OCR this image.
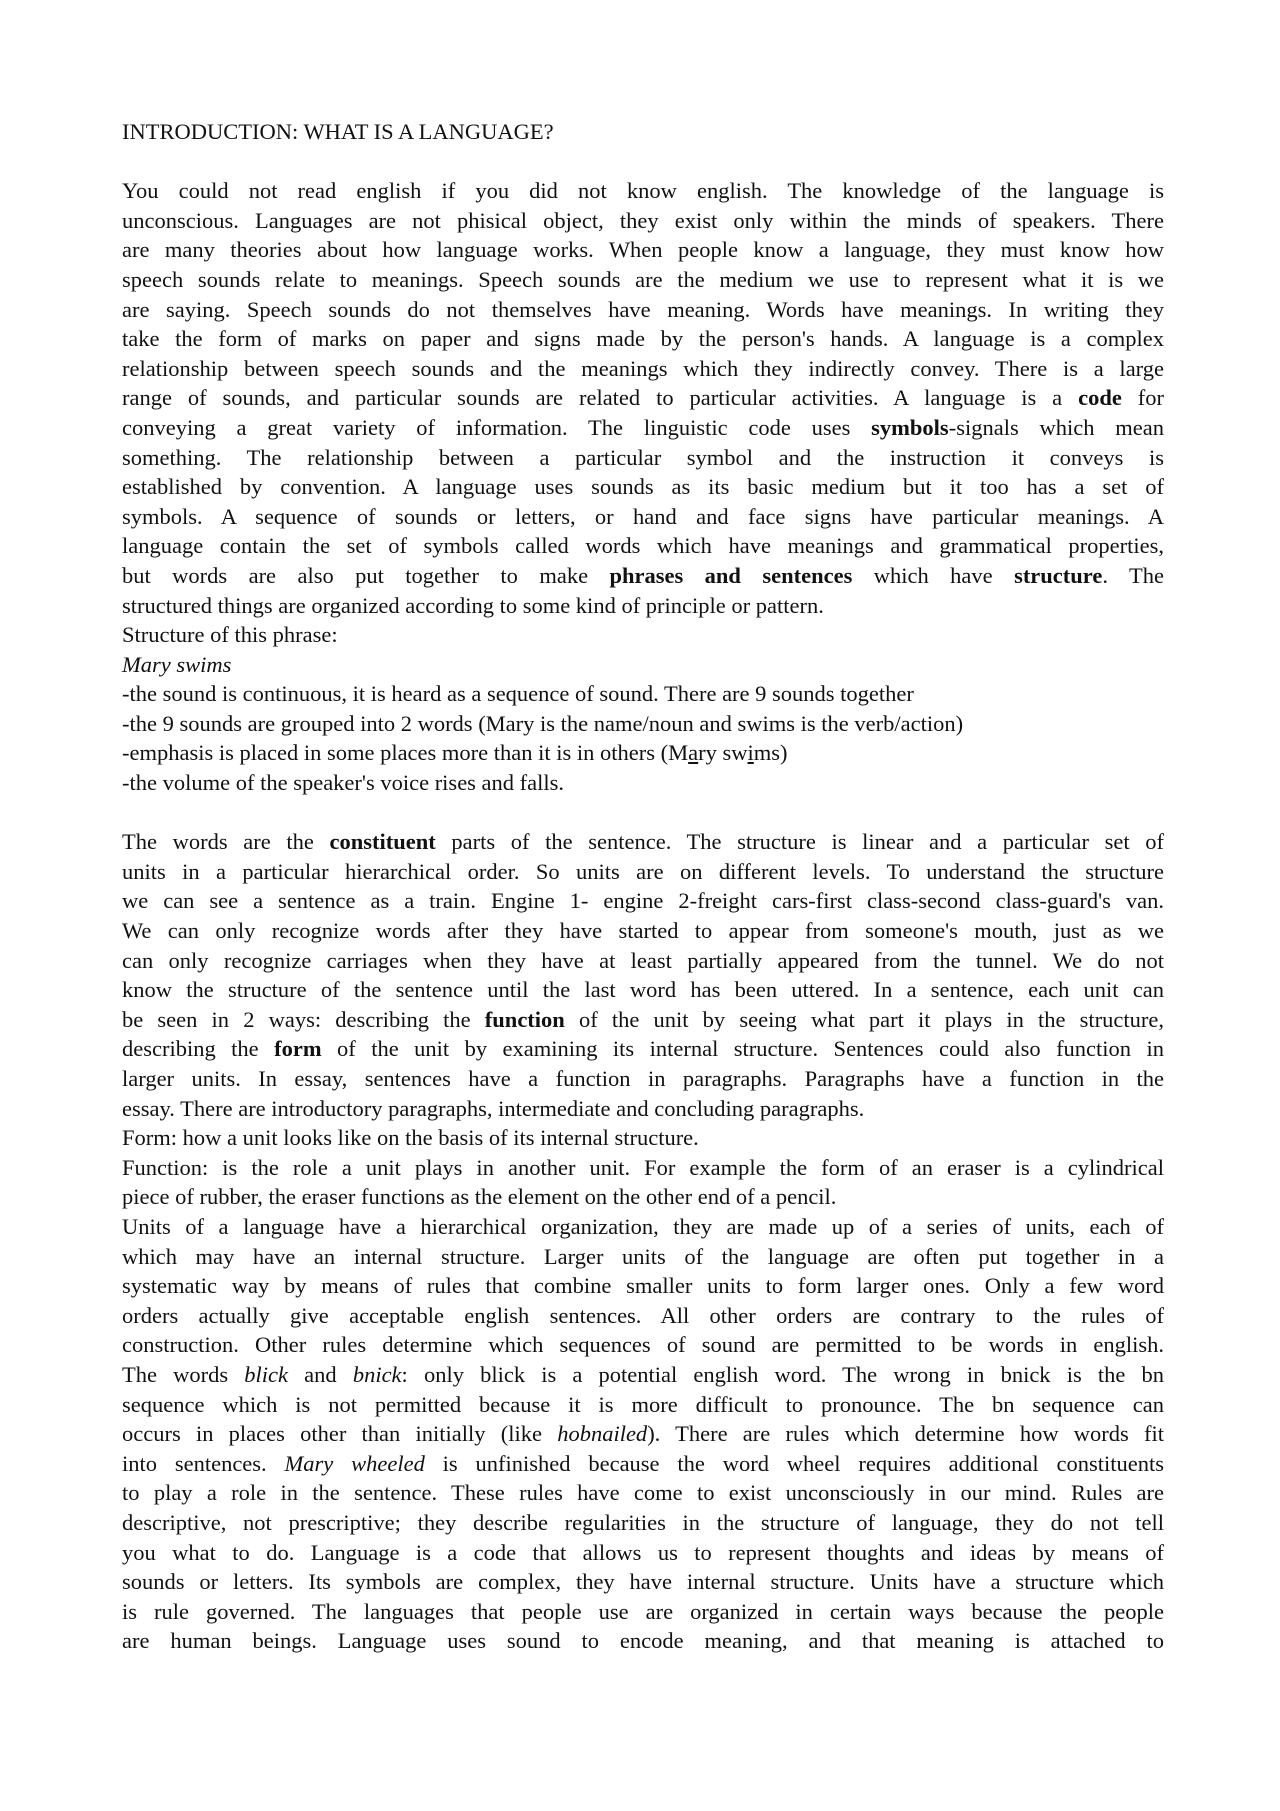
INTRODUCTION: WHAT IS A LANGUAGE?
You could not read english if you did not know english. The knowledge of the language is
unconscious. Languages are not phisical object, they exist only within the minds of speakers. There
are many theories about how language works. When people know a language, they must know how
speech sounds relate to meanings. Speech sounds are the medium we use to represent what it is we
are saying. Speech sounds do not themselves have meaning. Words have meanings. In writing they
take the form of marks on paper and signs made by the person's hands. A language is a complex
relationship between speech sounds and the meanings which they indirectly convey. There is a large
range of sounds, and particular sounds are related to particular activities. A language is a code for
conveying a great variety of information. The linguistic code uses symbols-signals which mean
something. The relationship between a particular symbol and the instruction it conveys is
established by convention. A language uses sounds as its basic medium but it too has a set of
symbols. A sequence of sounds or letters, or hand and face signs have particular meanings. A
language contain the set of symbols called words which have meanings and grammatical properties,
but words are also put together to make phrases and sentences which have structure. The
structured things are organized according to some kind of principle or pattern.
Structure of this phrase:
Mary swims
-the sound is continuous, it is heard as a sequence of sound. There are 9 sounds together
-the 9 sounds are grouped into 2 words (Mary is the name/noun and swims is the verb/action)
-emphasis is placed in some places more than it is in others (Mary swims)
-the volume of the speaker's voice rises and falls.
The words are the constituent parts of the sentence. The structure is linear and a particular set of
units in a particular hierarchical order. So units are on different levels. To understand the structure
we can see a sentence as a train. Engine 1- engine 2-freight cars-first class-second class-guard's van.
We can only recognize words after they have started to appear from someone's mouth, just as we
can only recognize carriages when they have at least partially appeared from the tunnel. We do not
know the structure of the sentence until the last word has been uttered. In a sentence, each unit can
be seen in 2 ways: describing the function of the unit by seeing what part it plays in the structure,
describing the form of the unit by examining its internal structure. Sentences could also function in
larger units. In essay, sentences have a function in paragraphs. Paragraphs have a function in the
essay. There are introductory paragraphs, intermediate and concluding paragraphs.
Form: how a unit looks like on the basis of its internal structure.
Function: is the role a unit plays in another unit. For example the form of an eraser is a cylindrical
piece of rubber, the eraser functions as the element on the other end of a pencil.
Units of a language have a hierarchical organization, they are made up of a series of units, each of
which may have an internal structure. Larger units of the language are often put together in a
systematic way by means of rules that combine smaller units to form larger ones. Only a few word
orders actually give acceptable english sentences. All other orders are contrary to the rules of
construction. Other rules determine which sequences of sound are permitted to be words in english.
The words blick and bnick: only blick is a potential english word. The wrong in bnick is the bn
sequence which is not permitted because it is more difficult to pronounce. The bn sequence can
occurs in places other than initially (like hobnailed). There are rules which determine how words fit
into sentences. Mary wheeled is unfinished because the word wheel requires additional constituents
to play a role in the sentence. These rules have come to exist unconsciously in our mind. Rules are
descriptive, not prescriptive; they describe regularities in the structure of language, they do not tell
you what to do. Language is a code that allows us to represent thoughts and ideas by means of
sounds or letters. Its symbols are complex, they have internal structure. Units have a structure which
is rule governed. The languages that people use are organized in certain ways because the people
are human beings. Language uses sound to encode meaning, and that meaning is attached to
